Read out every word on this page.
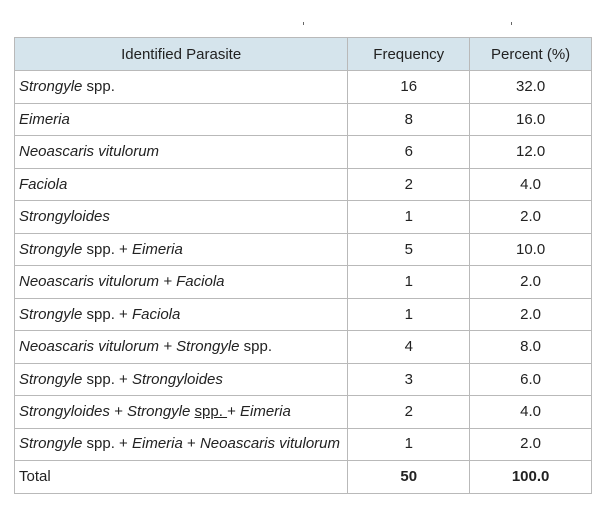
Identified Parasite	Frequency	Percent (%)
Strongyle spp.	16	32.0
Eimeria	8	16.0
Neoascaris vitulorum	6	12.0
Faciola	2	4.0
Strongyloides	1	2.0
Strongyle spp. + Eimeria	5	10.0
Neoascaris vitulorum + Faciola	1	2.0
Strongyle spp. + Faciola	1	2.0
Neoascaris vitulorum + Strongyle spp.	4	8.0
Strongyle spp. + Strongyloides	3	6.0
Strongyloides + Strongyle spp. + Eimeria	2	4.0
Strongyle spp. + Eimeria + Neoascaris vitulorum	1	2.0
Total	50	100.0
